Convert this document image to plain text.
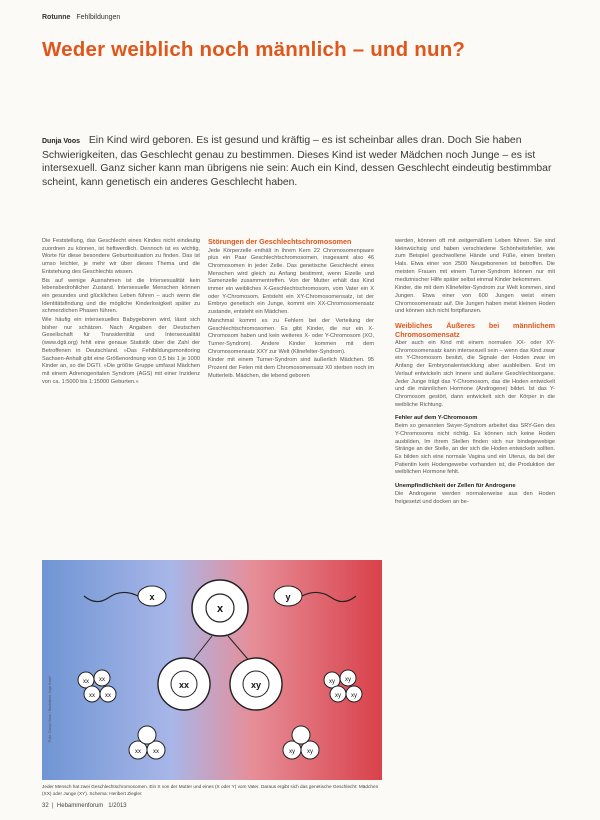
Rotunne Fehlbildungen
Weder weiblich noch männlich – und nun?
Dunja Voos Ein Kind wird geboren. Es ist gesund und kräftig – es ist scheinbar alles dran. Doch Sie haben Schwierigkeiten, das Geschlecht genau zu bestimmen. Dieses Kind ist weder Mädchen noch Junge – es ist intersexuell. Ganz sicher kann man übrigens nie sein: Auch ein Kind, dessen Geschlecht eindeutig bestimmbar scheint, kann genetisch ein anderes Geschlecht haben.

Die Feststellung, das Geschlecht eines Kindes nicht eindeutig zuordnen zu können, ist heftwerdlich. Dennoch ist es wichtig, Worte für diese besondere Geburtssituation zu finden. Das ist umso leichter, je mehr wir über dieses Thema und die Entstehung des Geschlechts wissen.

Bis auf wenige Ausnahmen ist die Intersexualität kein lebensbedrohlicher Zustand. Intersexuelle Menschen können ein gesundes und glückliches Leben führen – auch wenn die Identitätsfindung und die mögliche Kinderlosigkeit später zu schmerzlichen Phasen führen.

Wie häufig ein intersexuelles Babygeboren wird, lässt sich bisher nur schätzen. Nach Angaben der Deutschen Gesellschaft für Transidentität und Intersexualität (www.dgti.org) fehlt eine genaue Statistik über die Zahl der Betroffenen in Deutschland. »Das Fehlbildungsmonitoring Sachsen-Anhalt gibt eine Größenordnung von 0,5 bis 1 je 1000 Kinder an, so die DGTI. »Die größte Gruppe umfasst Mädchen mit einem Adrenogenitalen Syndrom (AGS) mit einer Inzidenz von ca. 1:5000 bis 1:15000 Geburten.«

Störungen der Geschlechtschromosomen

Jede Körperzelle enthält in ihrem Kern 22 Chromosomenpaare plus ein Paar Geschlechtschromosomen, insgesamt also 46 Chromosomen in jeder Zelle. Das genetische Geschlecht eines Menschen wird gleich zu Anfang bestimmt, wenn Eizelle und Samenzelle zusammentreffen. Von der Mutter erhält das Kind immer ein weibliches X-Geschlechtschromosom, vom Vater ein X oder Y-Chromosom. Entsteht ein XY-Chromosomensatz, ist der Embryo genetisch ein Junge, kommt ein XX-Chromosomensatz zustande, entsteht ein Mädchen.

Manchmal kommt es zu Fehlern bei der Verteilung der Geschlechtschromosomen. Es gibt Kinder, die nur ein X-Chromosom haben und kein weiteres X- oder Y-Chromosom (XO, Turner-Syndrom). Andere Kinder kommen mit dem Chromosomensatz XXY zur Welt (Klinefelter-Syndrom).

Kinder mit einem Turner-Syndrom sind äußerlich Mädchen. 95 Prozent der Feten mit dem Chromosomensatz X0 sterben noch im Mutterleib. Mädchen, die lebend geboren

werden, können oft mit zeitgemäßem Leben führen. Sie sind kleinwüchsig und haben verschiedene Schönheitsfehler, wie zum Beispiel geschwollene Hände und Füße, einen breiten Hals. Etwa einer von 2500 Neugeborenen ist betroffen. Die meisten Frauen mit einem Turner-Syndrom können nur mit medizinischer Hilfe später selbst einmal Kinder bekommen.

Kinder, die mit dem Klinefelter-Syndrom zur Welt kommen, sind Jungen. Etwa einer von 600 Jungen weist einen Chromosomensatz auf. Die Jungen haben meist kleinen Hoden und können sich nicht fortpflanzen.

Weibliches Äußeres bei männlichem Chromosomensatz

Aber auch ein Kind mit einem normalen XX- oder XY-Chromosomensatz kann intersexuell sein – wenn das Kind zwar ein Y-Chromosom besitzt, die Signale der Hoden zwar im Anfang der Embryonalentwicklung aber ausbleiben. Erst im Verlauf entwickeln sich innere und äußere Geschlechtsorgane. Jeder Junge trägt das Y-Chromosom, das die Hoden entwickelt und die männlichen Hormone (Androgene) bildet. Ist das Y-Chromosom gestört, dann entwickelt sich der Körper in die weibliche Richtung.

Fehler auf dem Y-Chromosom

Beim so genannten Swyer-Syndrom arbeitet das SRY-Gen des Y-Chromosoms nicht richtig. Es können sich keine Hoden ausbilden, Im ihrem Stellen finden sich nur bindegewebige Stränge an der Stelle, an der sich die Hoden entwickeln sollten. Es bilden sich eine normale Vagina und ein Uterus, da bei der Patientin kein Hodengewebe vorhanden ist, die Produktion der weiblichen Hormone fehlt.

Unempfindlichkeit der Zellen für Androgene

Die Androgene werden normalerweise aus den Hoden freigesetzt und docken an be-

x
x	y
xx	xy
xx xx
xx xx
xy xy
xy xy
xx xx	xy xy
Foto: Dunja Voos / Illustration: Inga Israel
Jeder Mensch hat zwei Geschlechtschromosomen. Ein X von der Mutter und eines (X oder Y) vom Vater. Daraus ergibt sich das genetische Geschlecht: Mädchen (XX) oder Junge (XY). Schema: Heribert Ziegler.
32  |  Hebammenforum 1/2013
